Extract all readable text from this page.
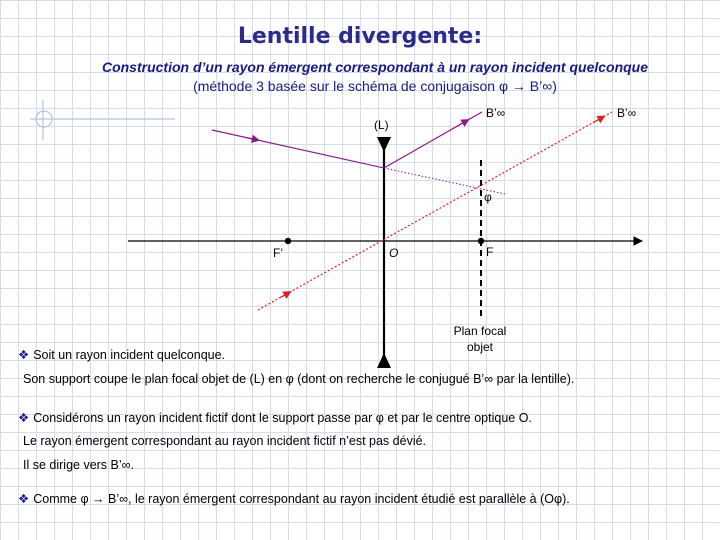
Lentille divergente:
Construction d’un rayon émergent correspondant à un rayon incident quelconque
(méthode 3 basée sur le schéma de conjugaison φ → B’∞)
(L)
O	F
F’
φ
B’∞	B’∞
Plan focal
objet
❖ Soit un rayon incident quelconque.
Son support coupe le plan focal objet de (L) en φ (dont on recherche le conjugué B’∞ par la lentille).
❖ Considérons un rayon incident fictif dont le support passe par φ et par le centre optique O.
Le rayon émergent correspondant au rayon incident fictif n’est pas dévié.
Il se dirige vers B’∞.
❖ Comme φ → B’∞, le rayon émergent correspondant au rayon incident étudié est parallèle à (Oφ).
